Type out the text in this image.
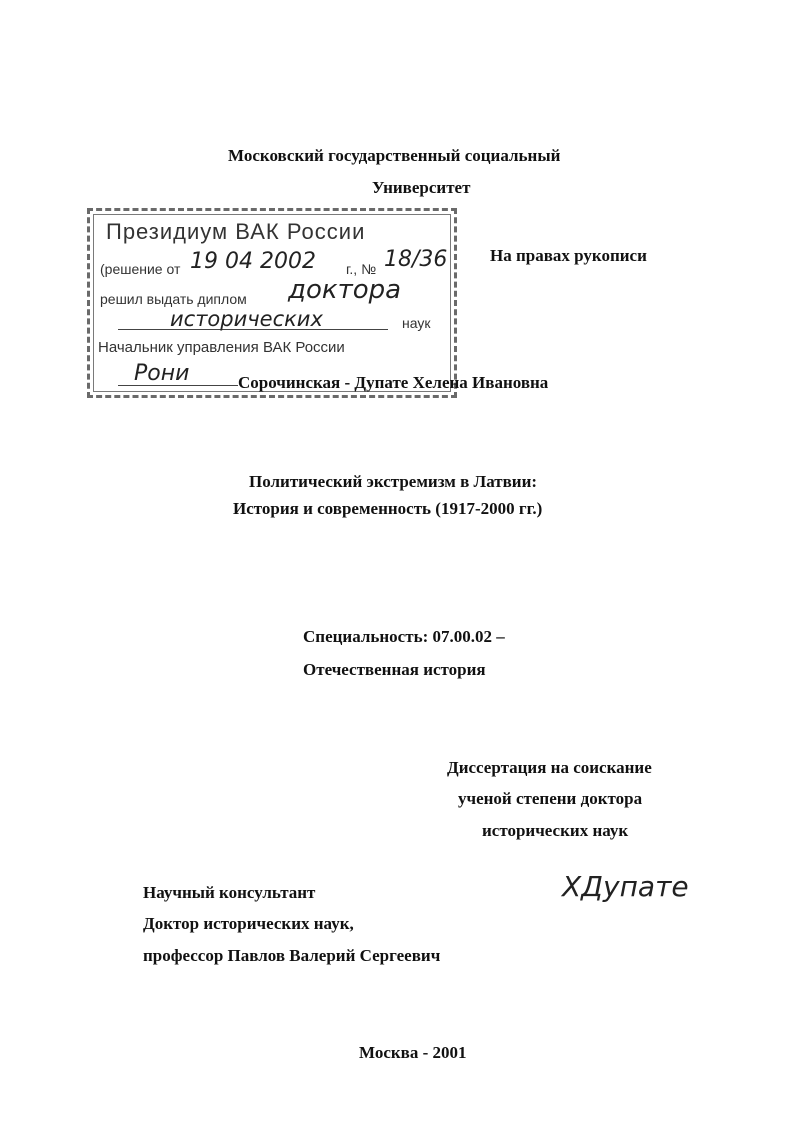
Московский государственный социальный
Университет
Президиум ВАК России
(решение от 19 04 2002 г., № 18/36
решил выдать диплом доктора
исторических	наук
Начальник управления ВАК России
Рони
На правах рукописи
Сорочинская - Дупате Хелена Ивановна
Политический экстремизм в Латвии:
История и современность (1917-2000 гг.)
Специальность: 07.00.02 –
Отечественная история
Диссертация на соискание
ученой степени доктора
исторических наук
Научный консультант
Доктор исторических наук,
профессор Павлов Валерий Сергеевич
ХДупате
Москва - 2001
